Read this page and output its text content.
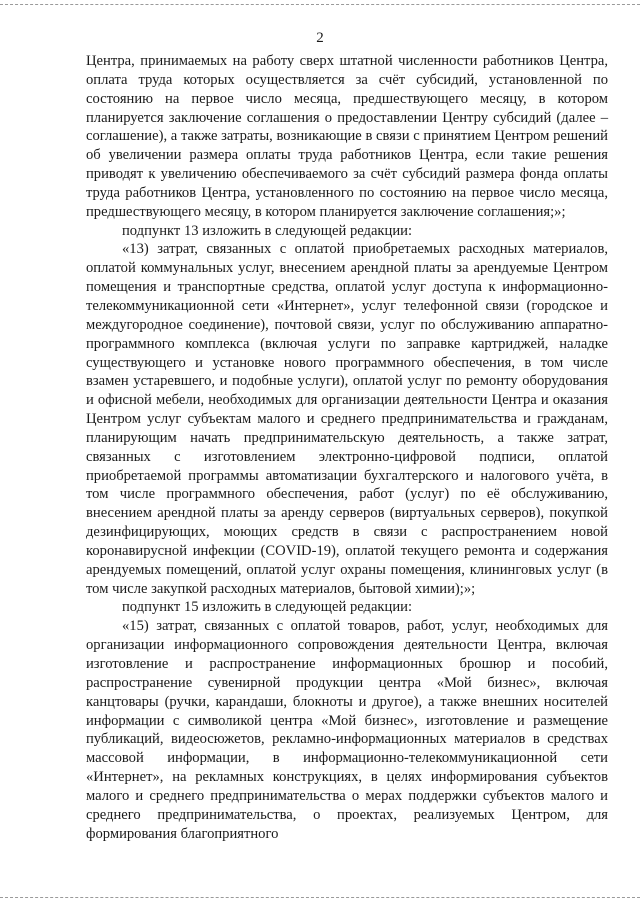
2

Центра, принимаемых на работу сверх штатной численности работников Центра, оплата труда которых осуществляется за счёт субсидий, установленной по состоянию на первое число месяца, предшествующего месяцу, в котором планируется заключение соглашения о предоставлении Центру субсидий (далее – соглашение), а также затраты, возникающие в связи с принятием Центром решений об увеличении размера оплаты труда работников Центра, если такие решения приводят к увеличению обеспечиваемого за счёт субсидий размера фонда оплаты труда работников Центра, установленного по состоянию на первое число месяца, предшествующего месяцу, в котором планируется заключение соглашения;»;

подпункт 13 изложить в следующей редакции:

«13) затрат, связанных с оплатой приобретаемых расходных материалов, оплатой коммунальных услуг, внесением арендной платы за арендуемые Центром помещения и транспортные средства, оплатой услуг доступа к информационно-телекоммуникационной сети «Интернет», услуг телефонной связи (городское и междугородное соединение), почтовой связи, услуг по обслуживанию аппаратно-программного комплекса (включая услуги по заправке картриджей, наладке существующего и установке нового программного обеспечения, в том числе взамен устаревшего, и подобные услуги), оплатой услуг по ремонту оборудования и офисной мебели, необходимых для организации деятельности Центра и оказания Центром услуг субъектам малого и среднего предпринимательства и гражданам, планирующим начать предпринимательскую деятельность, а также затрат, связанных с изготовлением электронно-цифровой подписи, оплатой приобретаемой программы автоматизации бухгалтерского и налогового учёта, в том числе программного обеспечения, работ (услуг) по её обслуживанию, внесением арендной платы за аренду серверов (виртуальных серверов), покупкой дезинфицирующих, моющих средств в связи с распространением новой коронавирусной инфекции (COVID-19), оплатой текущего ремонта и содержания арендуемых помещений, оплатой услуг охраны помещения, клининговых услуг (в том числе закупкой расходных материалов, бытовой химии);»;

подпункт 15 изложить в следующей редакции:

«15) затрат, связанных с оплатой товаров, работ, услуг, необходимых для организации информационного сопровождения деятельности Центра, включая изготовление и распространение информационных брошюр и пособий, распространение сувенирной продукции центра «Мой бизнес», включая канцтовары (ручки, карандаши, блокноты и другое), а также внешних носителей информации с символикой центра «Мой бизнес», изготовление и размещение публикаций, видеосюжетов, рекламно-информационных материалов в средствах массовой информации, в информационно-телекоммуникационной сети «Интернет», на рекламных конструкциях, в целях информирования субъектов малого и среднего предпринимательства о мерах поддержки субъектов малого и среднего предпринимательства, о проектах, реализуемых Центром, для формирования благоприятного
